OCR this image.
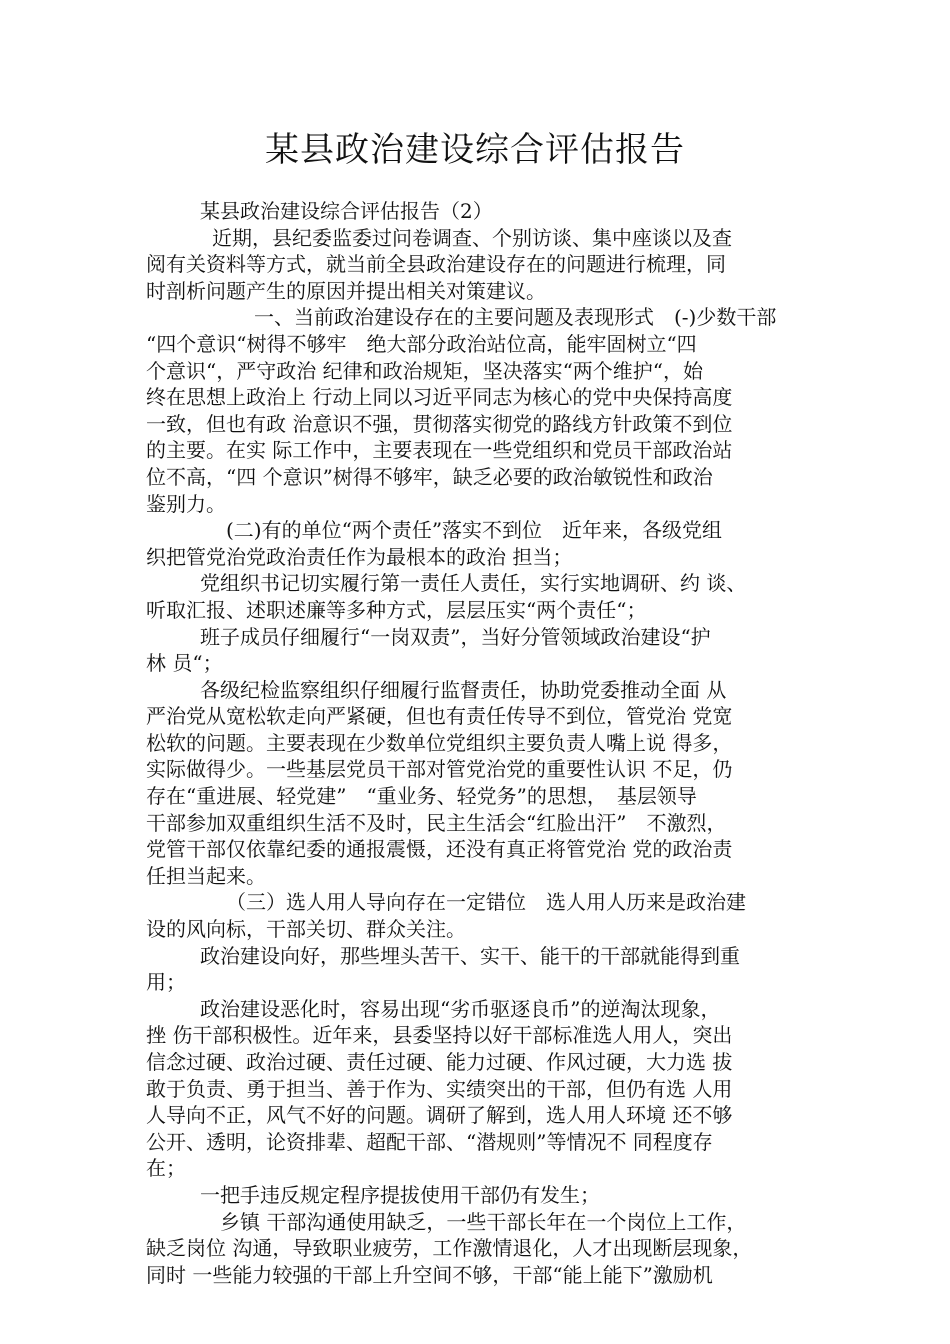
某县政治建设综合评估报告
某县政治建设综合评估报告（2）
近期，县纪委监委过问卷调查、个别访谈、集中座谈以及查
阅有关资料等方式，就当前全县政治建设存在的问题进行梳理，同
时剖析问题产生的原因并提出相关对策建议。
一、当前政治建设存在的主要问题及表现形式　(-)少数干部
“四个意识“树得不够牢　绝大部分政治站位高，能牢固树立“四
个意识“，严守政治 纪律和政治规矩，坚决落实“两个维护“，始
终在思想上政治上 行动上同以习近平同志为核心的党中央保持高度
一致，但也有政 治意识不强，贯彻落实彻党的路线方针政策不到位
的主要。在实 际工作中，主要表现在一些党组织和党员干部政治站
位不高，“四 个意识”树得不够牢，缺乏必要的政治敏锐性和政治
鉴别力。
(二)有的单位“两个责任”落实不到位　近年来，各级党组
织把管党治党政治责任作为最根本的政治 担当；
党组织书记切实履行第一责任人责任，实行实地调研、约 谈、
听取汇报、述职述廉等多种方式，层层压实“两个责任“；
班子成员仔细履行“一岗双责”，当好分管领域政治建设“护
林 员“；
各级纪检监察组织仔细履行监督责任，协助党委推动全面 从
严治党从宽松软走向严紧硬，但也有责任传导不到位，管党治 党宽
松软的问题。主要表现在少数单位党组织主要负责人嘴上说 得多，
实际做得少。一些基层党员干部对管党治党的重要性认识 不足，仍
存在“重进展、轻党建”　“重业务、轻党务”的思想，　基层领导
干部参加双重组织生活不及时，民主生活会“红脸出汗”　不激烈，
党管干部仅依靠纪委的通报震慑，还没有真正将管党治 党的政治责
任担当起来。
（三）选人用人导向存在一定错位　选人用人历来是政治建
设的风向标，干部关切、群众关注。
政治建设向好，那些埋头苦干、实干、能干的干部就能得到重
用；
政治建设恶化时，容易出现“劣币驱逐良币”的逆淘汰现象，
挫 伤干部积极性。近年来，县委坚持以好干部标准选人用人，突出
信念过硬、政治过硬、责任过硬、能力过硬、作风过硬，大力选 拔
敢于负责、勇于担当、善于作为、实绩突出的干部，但仍有选 人用
人导向不正，风气不好的问题。调研了解到，选人用人环境 还不够
公开、透明，论资排辈、超配干部、“潜规则”等情况不 同程度存
在；
一把手违反规定程序提拔使用干部仍有发生；
乡镇 干部沟通使用缺乏，一些干部长年在一个岗位上工作，
缺乏岗位 沟通，导致职业疲劳，工作激情退化，人才出现断层现象，
同时 一些能力较强的干部上升空间不够，干部“能上能下”激励机
